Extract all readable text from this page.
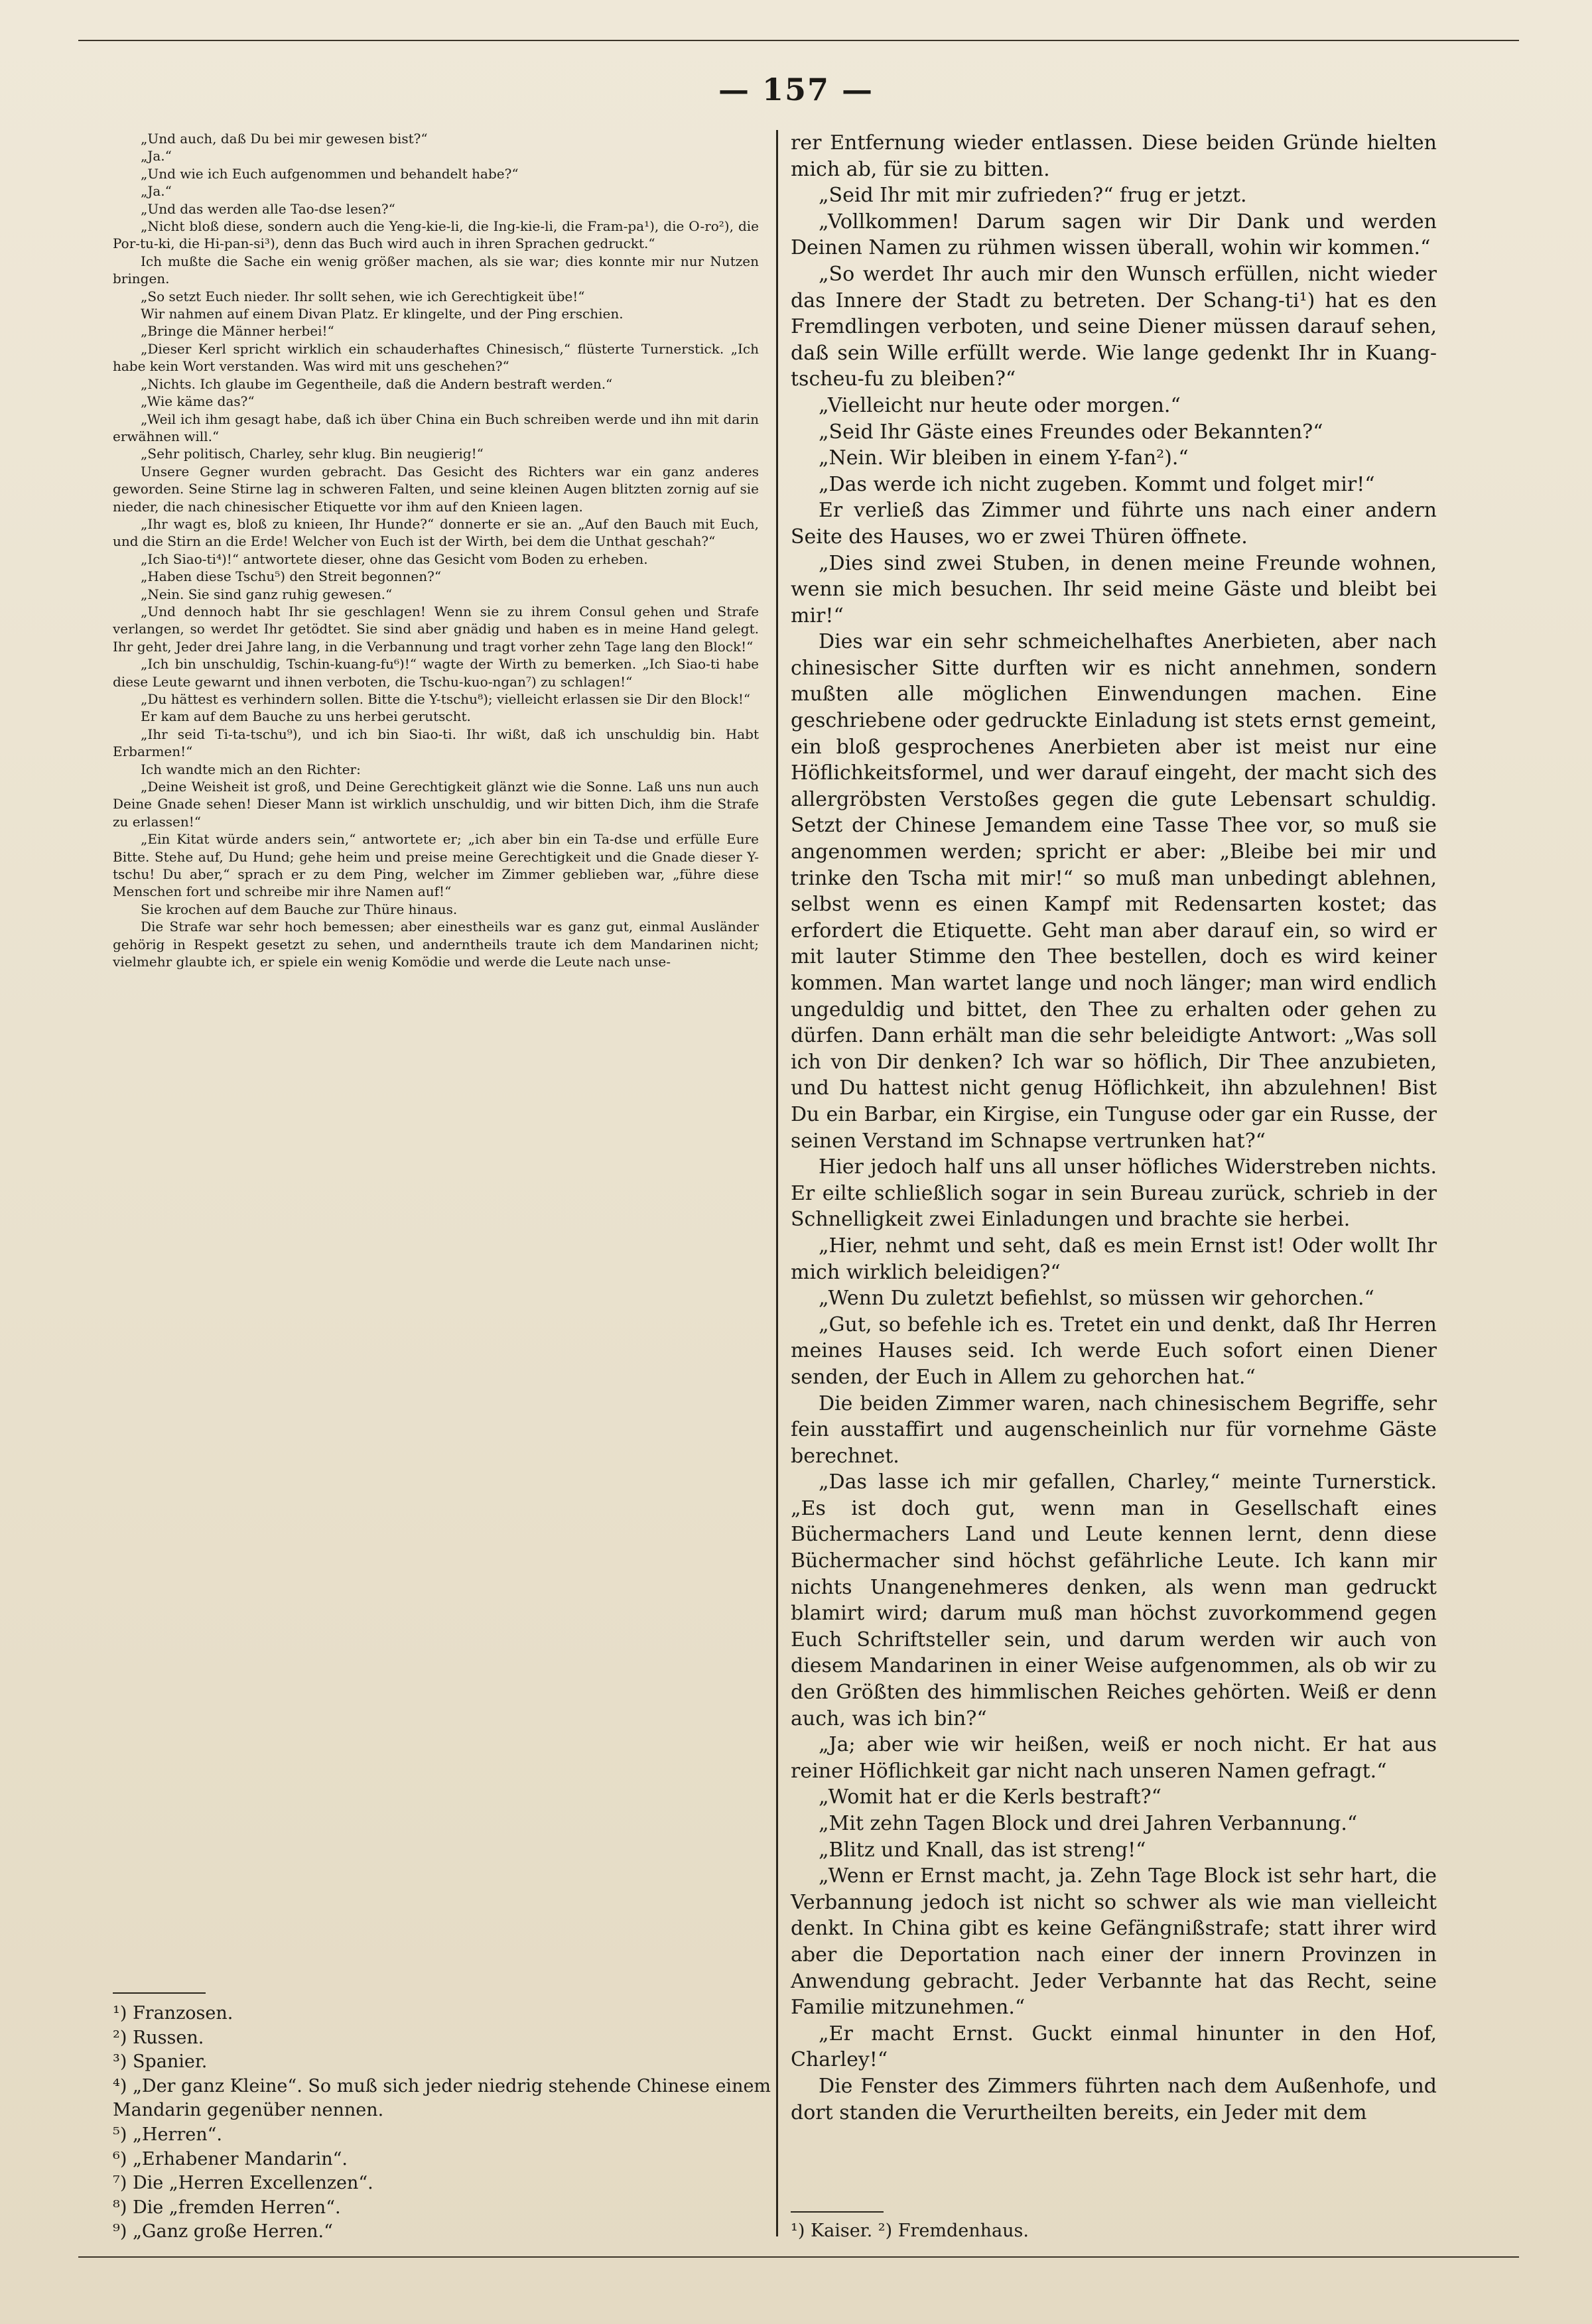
— 157 —

„Und auch, daß Du bei mir gewesen bist?“

„Ja.“

„Und wie ich Euch aufgenommen und behandelt habe?“

„Ja.“

„Und das werden alle Tao-dse lesen?“

„Nicht bloß diese, sondern auch die Yeng-kie-li, die Ing-kie-li, die Fram-pa¹), die O-ro²), die Por-tu-ki, die Hi-pan-si³), denn das Buch wird auch in ihren Sprachen gedruckt.“

Ich mußte die Sache ein wenig größer machen, als sie war; dies konnte mir nur Nutzen bringen.

„So setzt Euch nieder. Ihr sollt sehen, wie ich Gerechtigkeit übe!“

Wir nahmen auf einem Divan Platz. Er klingelte, und der Ping erschien.

„Bringe die Männer herbei!“

„Dieser Kerl spricht wirklich ein schauderhaftes Chinesisch,“ flüsterte Turnerstick. „Ich habe kein Wort verstanden. Was wird mit uns geschehen?“

„Nichts. Ich glaube im Gegentheile, daß die Andern bestraft werden.“

„Wie käme das?“

„Weil ich ihm gesagt habe, daß ich über China ein Buch schreiben werde und ihn mit darin erwähnen will.“

„Sehr politisch, Charley, sehr klug. Bin neugierig!“

Unsere Gegner wurden gebracht. Das Gesicht des Richters war ein ganz anderes geworden. Seine Stirne lag in schweren Falten, und seine kleinen Augen blitzten zornig auf sie nieder, die nach chinesischer Etiquette vor ihm auf den Knieen lagen.

„Ihr wagt es, bloß zu knieen, Ihr Hunde?“ donnerte er sie an. „Auf den Bauch mit Euch, und die Stirn an die Erde! Welcher von Euch ist der Wirth, bei dem die Unthat geschah?“

„Ich Siao-ti⁴)!“ antwortete dieser, ohne das Gesicht vom Boden zu erheben.

„Haben diese Tschu⁵) den Streit begonnen?“

„Nein. Sie sind ganz ruhig gewesen.“

„Und dennoch habt Ihr sie geschlagen! Wenn sie zu ihrem Consul gehen und Strafe verlangen, so werdet Ihr getödtet. Sie sind aber gnädig und haben es in meine Hand gelegt. Ihr geht, Jeder drei Jahre lang, in die Verbannung und tragt vorher zehn Tage lang den Block!“

„Ich bin unschuldig, Tschin-kuang-fu⁶)!“ wagte der Wirth zu bemerken. „Ich Siao-ti habe diese Leute gewarnt und ihnen verboten, die Tschu-kuo-ngan⁷) zu schlagen!“

„Du hättest es verhindern sollen. Bitte die Y-tschu⁸); vielleicht erlassen sie Dir den Block!“

Er kam auf dem Bauche zu uns herbei gerutscht.

„Ihr seid Ti-ta-tschu⁹), und ich bin Siao-ti. Ihr wißt, daß ich unschuldig bin. Habt Erbarmen!“

Ich wandte mich an den Richter:

„Deine Weisheit ist groß, und Deine Gerechtigkeit glänzt wie die Sonne. Laß uns nun auch Deine Gnade sehen! Dieser Mann ist wirklich unschuldig, und wir bitten Dich, ihm die Strafe zu erlassen!“

„Ein Kitat würde anders sein,“ antwortete er; „ich aber bin ein Ta-dse und erfülle Eure Bitte. Stehe auf, Du Hund; gehe heim und preise meine Gerechtigkeit und die Gnade dieser Y-tschu! Du aber,“ sprach er zu dem Ping, welcher im Zimmer geblieben war, „führe diese Menschen fort und schreibe mir ihre Namen auf!“

Sie krochen auf dem Bauche zur Thüre hinaus.

Die Strafe war sehr hoch bemessen; aber einestheils war es ganz gut, einmal Ausländer gehörig in Respekt gesetzt zu sehen, und anderntheils traute ich dem Mandarinen nicht; vielmehr glaubte ich, er spiele ein wenig Komödie und werde die Leute nach unse-

rer Entfernung wieder entlassen. Diese beiden Gründe hielten mich ab, für sie zu bitten.

„Seid Ihr mit mir zufrieden?“ frug er jetzt.

„Vollkommen! Darum sagen wir Dir Dank und werden Deinen Namen zu rühmen wissen überall, wohin wir kommen.“

„So werdet Ihr auch mir den Wunsch erfüllen, nicht wieder das Innere der Stadt zu betreten. Der Schang-ti¹) hat es den Fremdlingen verboten, und seine Diener müssen darauf sehen, daß sein Wille erfüllt werde. Wie lange gedenkt Ihr in Kuang-tscheu-fu zu bleiben?“

„Vielleicht nur heute oder morgen.“

„Seid Ihr Gäste eines Freundes oder Bekannten?“

„Nein. Wir bleiben in einem Y-fan²).“

„Das werde ich nicht zugeben. Kommt und folget mir!“

Er verließ das Zimmer und führte uns nach einer andern Seite des Hauses, wo er zwei Thüren öffnete.

„Dies sind zwei Stuben, in denen meine Freunde wohnen, wenn sie mich besuchen. Ihr seid meine Gäste und bleibt bei mir!“

Dies war ein sehr schmeichelhaftes Anerbieten, aber nach chinesischer Sitte durften wir es nicht annehmen, sondern mußten alle möglichen Einwendungen machen. Eine geschriebene oder gedruckte Einladung ist stets ernst gemeint, ein bloß gesprochenes Anerbieten aber ist meist nur eine Höflichkeitsformel, und wer darauf eingeht, der macht sich des allergröbsten Verstoßes gegen die gute Lebensart schuldig. Setzt der Chinese Jemandem eine Tasse Thee vor, so muß sie angenommen werden; spricht er aber: „Bleibe bei mir und trinke den Tscha mit mir!“ so muß man unbedingt ablehnen, selbst wenn es einen Kampf mit Redensarten kostet; das erfordert die Etiquette. Geht man aber darauf ein, so wird er mit lauter Stimme den Thee bestellen, doch es wird keiner kommen. Man wartet lange und noch länger; man wird endlich ungeduldig und bittet, den Thee zu erhalten oder gehen zu dürfen. Dann erhält man die sehr beleidigte Antwort: „Was soll ich von Dir denken? Ich war so höflich, Dir Thee anzubieten, und Du hattest nicht genug Höflichkeit, ihn abzulehnen! Bist Du ein Barbar, ein Kirgise, ein Tunguse oder gar ein Russe, der seinen Verstand im Schnapse vertrunken hat?“

Hier jedoch half uns all unser höfliches Widerstreben nichts. Er eilte schließlich sogar in sein Bureau zurück, schrieb in der Schnelligkeit zwei Einladungen und brachte sie herbei.

„Hier, nehmt und seht, daß es mein Ernst ist! Oder wollt Ihr mich wirklich beleidigen?“

„Wenn Du zuletzt befiehlst, so müssen wir gehorchen.“

„Gut, so befehle ich es. Tretet ein und denkt, daß Ihr Herren meines Hauses seid. Ich werde Euch sofort einen Diener senden, der Euch in Allem zu gehorchen hat.“

Die beiden Zimmer waren, nach chinesischem Begriffe, sehr fein ausstaffirt und augenscheinlich nur für vornehme Gäste berechnet.

„Das lasse ich mir gefallen, Charley,“ meinte Turnerstick. „Es ist doch gut, wenn man in Gesellschaft eines Büchermachers Land und Leute kennen lernt, denn diese Büchermacher sind höchst gefährliche Leute. Ich kann mir nichts Unangenehmeres denken, als wenn man gedruckt blamirt wird; darum muß man höchst zuvorkommend gegen Euch Schriftsteller sein, und darum werden wir auch von diesem Mandarinen in einer Weise aufgenommen, als ob wir zu den Größten des himmlischen Reiches gehörten. Weiß er denn auch, was ich bin?“

„Ja; aber wie wir heißen, weiß er noch nicht. Er hat aus reiner Höflichkeit gar nicht nach unseren Namen gefragt.“

„Womit hat er die Kerls bestraft?“

„Mit zehn Tagen Block und drei Jahren Verbannung.“

„Blitz und Knall, das ist streng!“

„Wenn er Ernst macht, ja. Zehn Tage Block ist sehr hart, die Verbannung jedoch ist nicht so schwer als wie man vielleicht denkt. In China gibt es keine Gefängnißstrafe; statt ihrer wird aber die Deportation nach einer der innern Provinzen in Anwendung gebracht. Jeder Verbannte hat das Recht, seine Familie mitzunehmen.“

„Er macht Ernst. Guckt einmal hinunter in den Hof, Charley!“

Die Fenster des Zimmers führten nach dem Außenhofe, und dort standen die Verurtheilten bereits, ein Jeder mit dem

¹) Franzosen.
²) Russen.
³) Spanier.
⁴) „Der ganz Kleine“. So muß sich jeder niedrig stehende Chinese einem
Mandarin gegenüber nennen.
⁵) „Herren“.
⁶) „Erhabener Mandarin“.
⁷) Die „Herren Excellenzen“.
⁸) Die „fremden Herren“.
⁹) „Ganz große Herren.“	¹) Kaiser. ²) Fremdenhaus.
